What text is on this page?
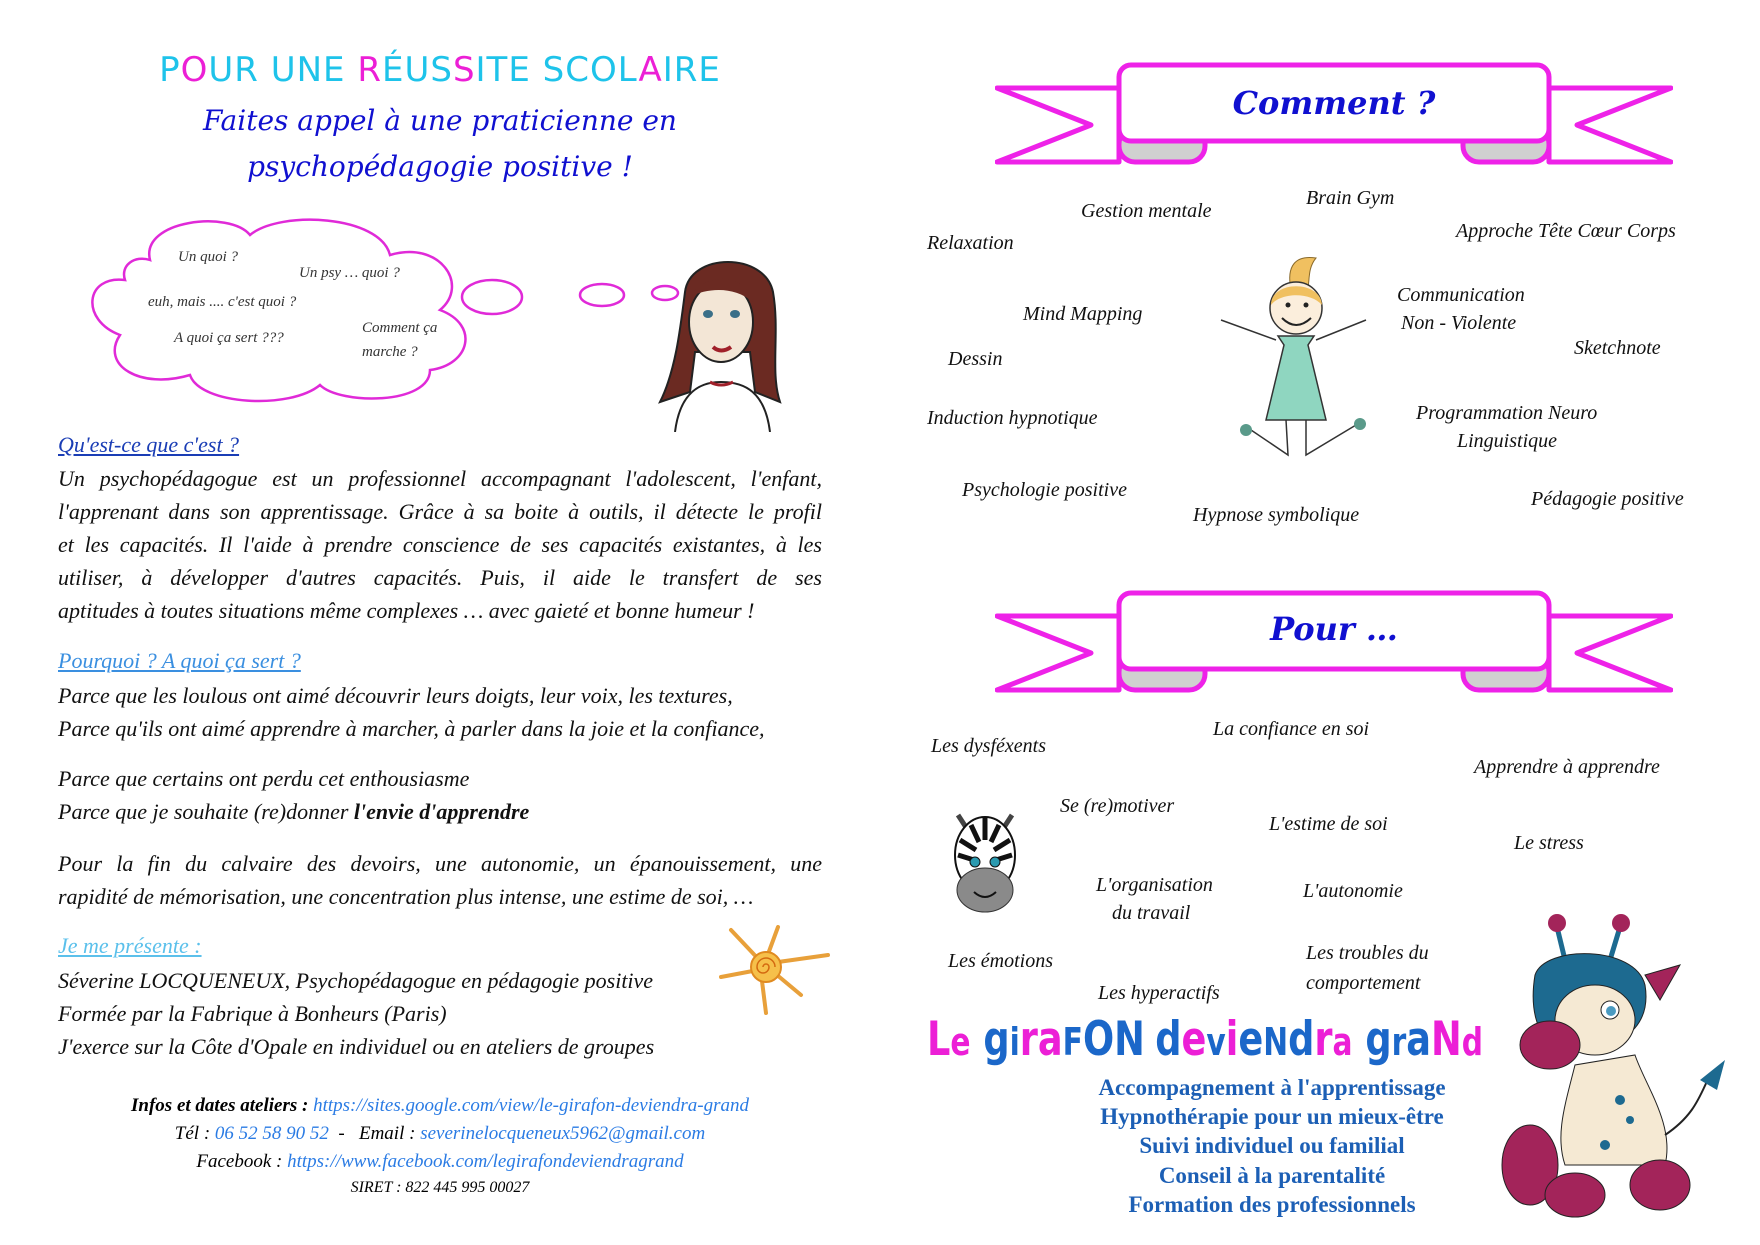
POUR UNE RÉUSSITE SCOLAIRE
Faites appel à une praticienne en
psychopédagogie positive !
Un quoi ?
Un psy … quoi ?
euh, mais .... c'est quoi ?
A quoi ça sert ???
Comment ça
marche ?
Qu'est-ce que c'est ?
Un psychopédagogue est un professionnel accompagnant l'adolescent, l'enfant,
l'apprenant dans son apprentissage. Grâce à sa boite à outils, il détecte le profil
et les capacités. Il l'aide à prendre conscience de ses capacités existantes, à les
utiliser, à développer d'autres capacités. Puis, il aide le transfert de ses
aptitudes à toutes situations même complexes … avec gaieté et bonne humeur !
Pourquoi ? A quoi ça sert ?
Parce que les loulous ont aimé découvrir leurs doigts, leur voix, les textures,
Parce qu'ils ont aimé apprendre à marcher, à parler dans la joie et la confiance,
Parce que certains ont perdu cet enthousiasme
Parce que je souhaite (re)donner l'envie d'apprendre
Pour la fin du calvaire des devoirs, une autonomie, un épanouissement, une
rapidité de mémorisation, une concentration plus intense, une estime de soi, …
Je me présente :
Séverine LOCQUENEUX, Psychopédagogue en pédagogie positive
Formée par la Fabrique à Bonheurs (Paris)
J'exerce sur la Côte d'Opale en individuel ou en ateliers de groupes
Infos et dates ateliers : https://sites.google.com/view/le-girafon-deviendra-grand
Tél : 06 52 58 90 52  -   Email : severinelocqueneux5962@gmail.com
Facebook : https://www.facebook.com/legirafondeviendragrand
SIRET : 822 445 995 00027
Comment ?
Gestion mentale
Brain Gym
Approche Tête Cœur Corps
Relaxation
Mind Mapping
Communication
Non - Violente
Sketchnote
Dessin
Induction hypnotique	Programmation Neuro
Linguistique
Psychologie positive
Hypnose symbolique
Pédagogie positive
Pour …
Les dysféxents
La confiance en soi
Apprendre à apprendre
Se (re)motiver
L'estime de soi
Le stress
L'organisation
du travail
L'autonomie
Les émotions	Les troubles du
comportement
Les hyperactifs
Le giraFON devieNdra graNd
Accompagnement à l'apprentissage
Hypnothérapie pour un mieux-être
Suivi individuel ou familial
Conseil à la parentalité
Formation des professionnels
